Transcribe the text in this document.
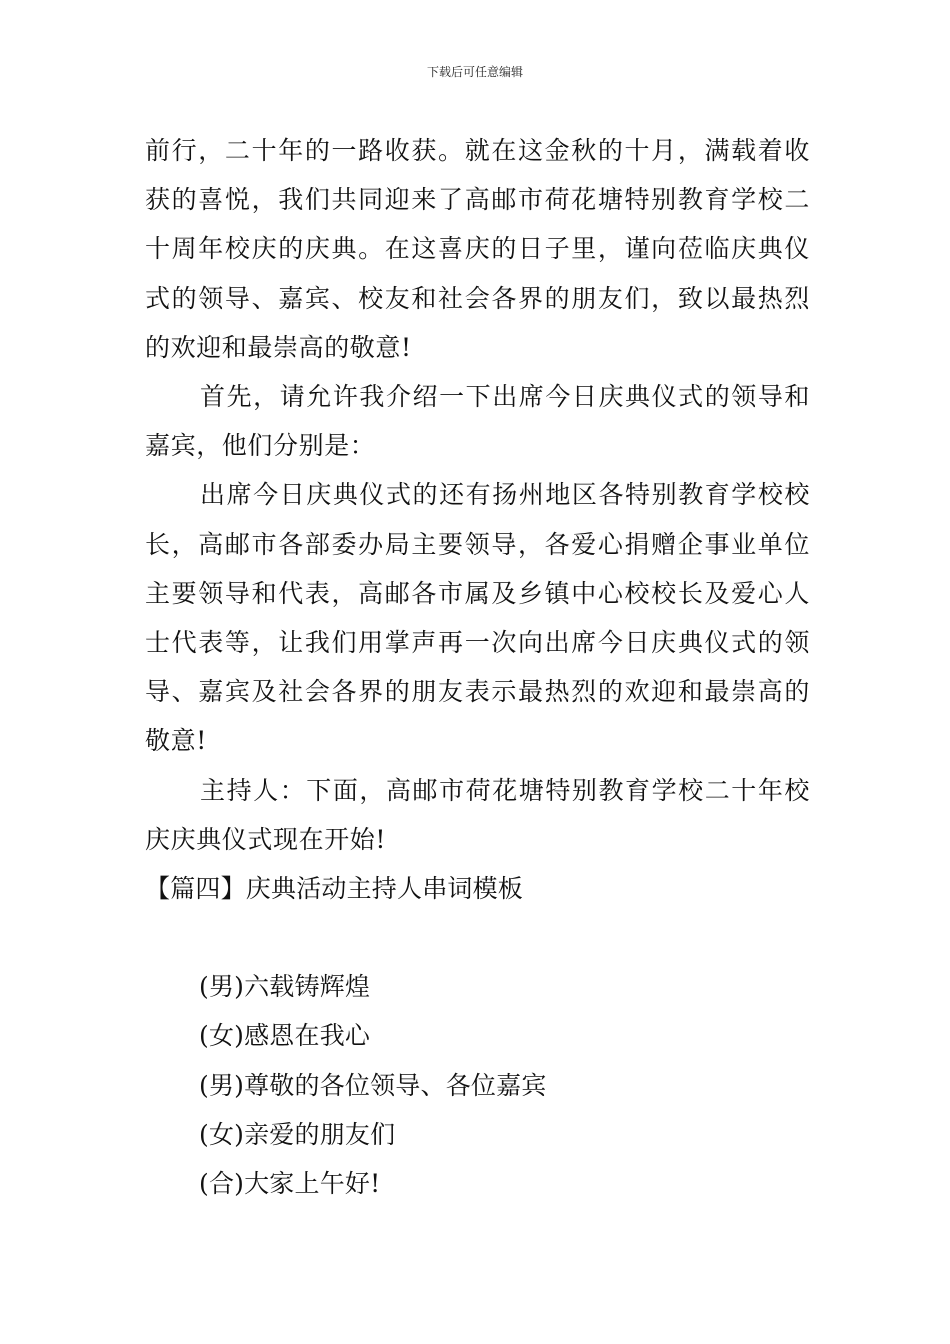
下载后可任意编辑

前行，二十年的一路收获。就在这金秋的十月，满载着收获的喜悦，我们共同迎来了高邮市荷花塘特别教育学校二十周年校庆的庆典。在这喜庆的日子里，谨向莅临庆典仪式的领导、嘉宾、校友和社会各界的朋友们，致以最热烈的欢迎和最崇高的敬意!

首先，请允许我介绍一下出席今日庆典仪式的领导和嘉宾，他们分别是：

出席今日庆典仪式的还有扬州地区各特别教育学校校长，高邮市各部委办局主要领导，各爱心捐赠企事业单位主要领导和代表，高邮各市属及乡镇中心校校长及爱心人士代表等，让我们用掌声再一次向出席今日庆典仪式的领导、嘉宾及社会各界的朋友表示最热烈的欢迎和最崇高的敬意!

主持人：下面，高邮市荷花塘特别教育学校二十年校庆庆典仪式现在开始!

【篇四】庆典活动主持人串词模板

(男)六载铸辉煌

(女)感恩在我心

(男)尊敬的各位领导、各位嘉宾

(女)亲爱的朋友们

(合)大家上午好!
